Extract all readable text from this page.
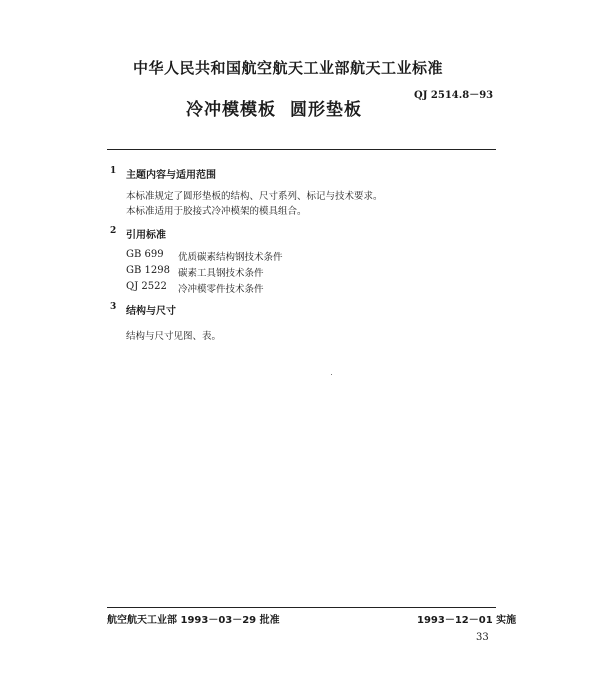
中华人民共和国航空航天工业部航天工业标准
QJ 2514.8－93
冷冲模模板 圆形垫板
1 主题内容与适用范围
本标准规定了圆形垫板的结构、尺寸系列、标记与技术要求。
本标准适用于胶接式冷冲模架的模具组合。
2 引用标准
GB 699 优质碳素结构钢技术条件
GB 1298 碳素工具钢技术条件
QJ 2522 冷冲模零件技术条件
3 结构与尺寸
结构与尺寸见图、表。
航空航天工业部 1993－03－29 批准	1993－12－01 实施
33
